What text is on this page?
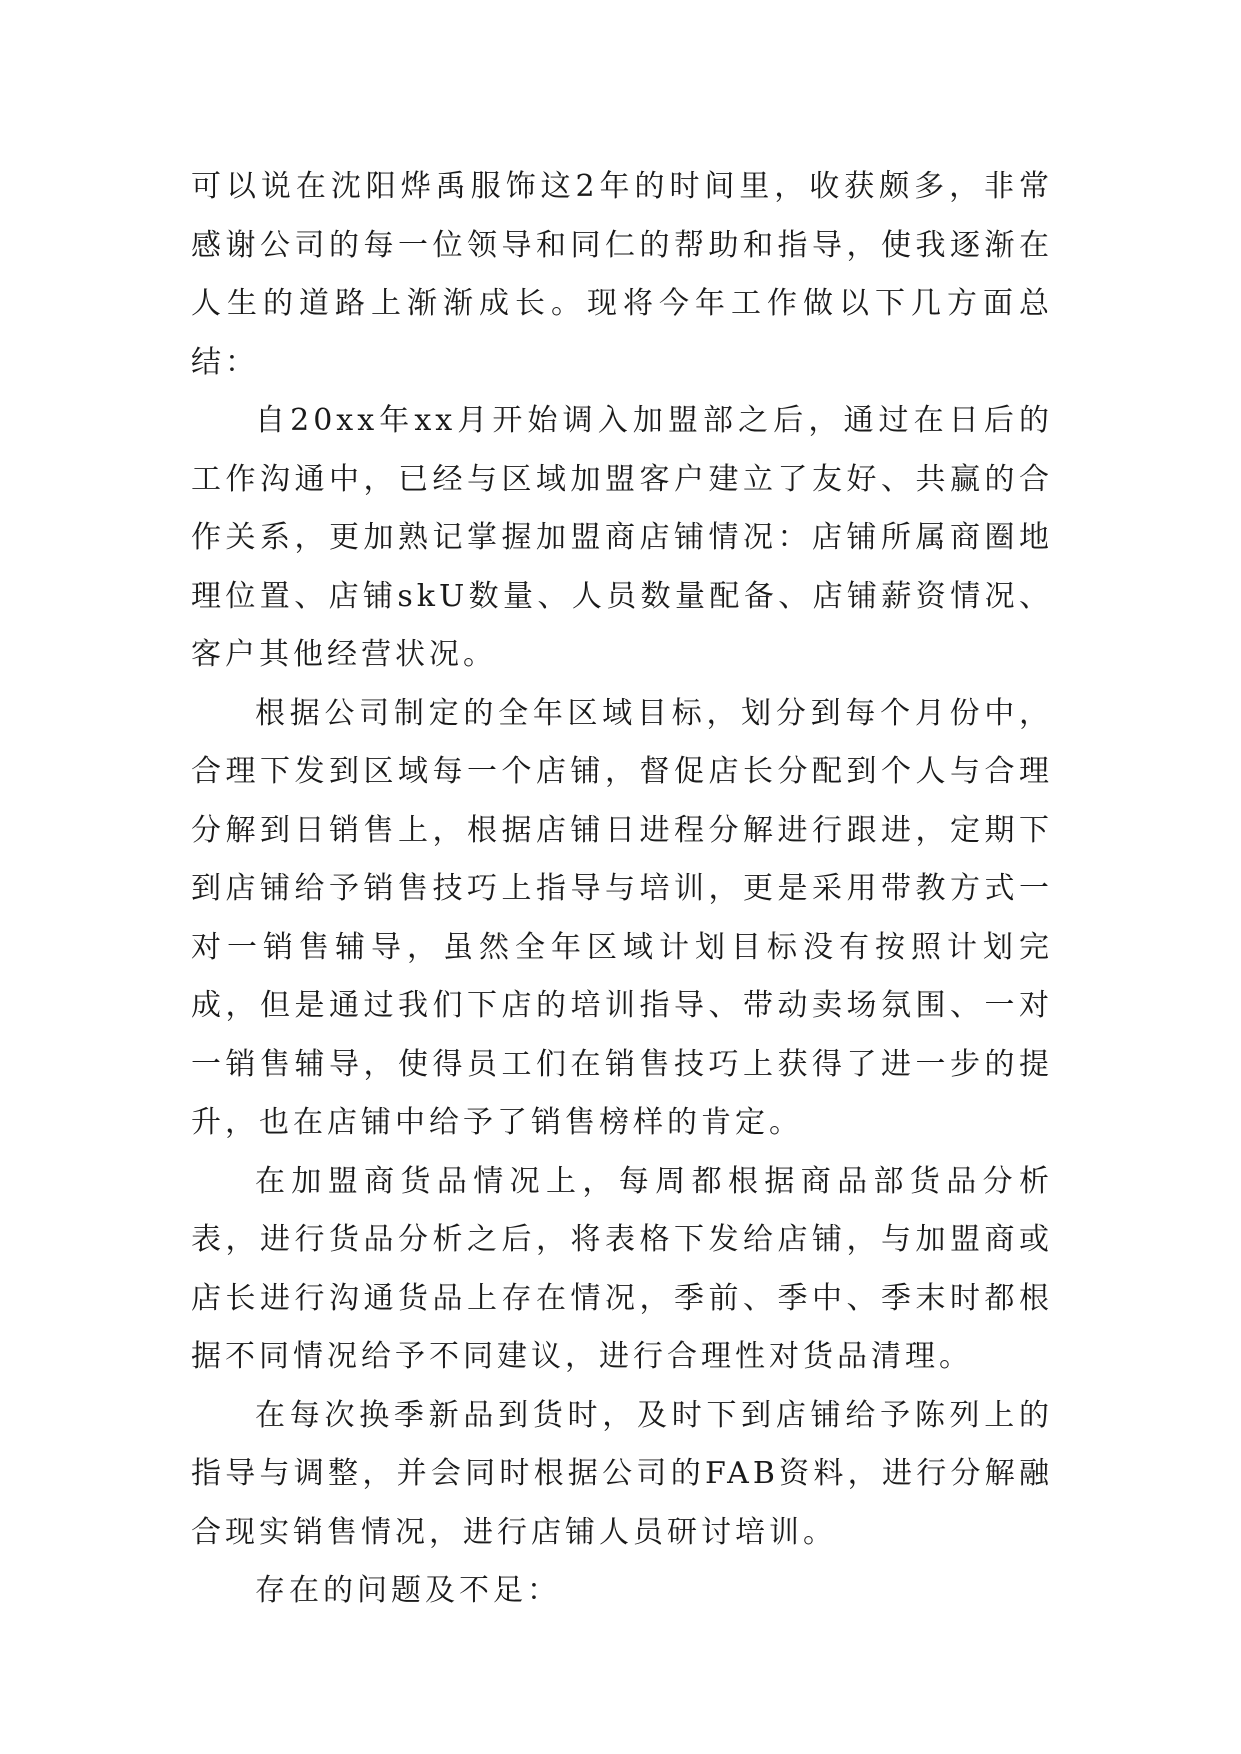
可以说在沈阳烨禹服饰这2年的时间里，收获颇多，非常感谢公司的每一位领导和同仁的帮助和指导，使我逐渐在人生的道路上渐渐成长。现将今年工作做以下几方面总结：

自20xx年xx月开始调入加盟部之后，通过在日后的工作沟通中，已经与区域加盟客户建立了友好、共赢的合作关系，更加熟记掌握加盟商店铺情况：店铺所属商圈地理位置、店铺skU数量、人员数量配备、店铺薪资情况、客户其他经营状况。

根据公司制定的全年区域目标，划分到每个月份中，合理下发到区域每一个店铺，督促店长分配到个人与合理分解到日销售上，根据店铺日进程分解进行跟进，定期下到店铺给予销售技巧上指导与培训，更是采用带教方式一对一销售辅导，虽然全年区域计划目标没有按照计划完成，但是通过我们下店的培训指导、带动卖场氛围、一对一销售辅导，使得员工们在销售技巧上获得了进一步的提升，也在店铺中给予了销售榜样的肯定。

在加盟商货品情况上，每周都根据商品部货品分析表，进行货品分析之后，将表格下发给店铺，与加盟商或店长进行沟通货品上存在情况，季前、季中、季末时都根据不同情况给予不同建议，进行合理性对货品清理。

在每次换季新品到货时，及时下到店铺给予陈列上的指导与调整，并会同时根据公司的FAB资料，进行分解融合现实销售情况，进行店铺人员研讨培训。

存在的问题及不足：
